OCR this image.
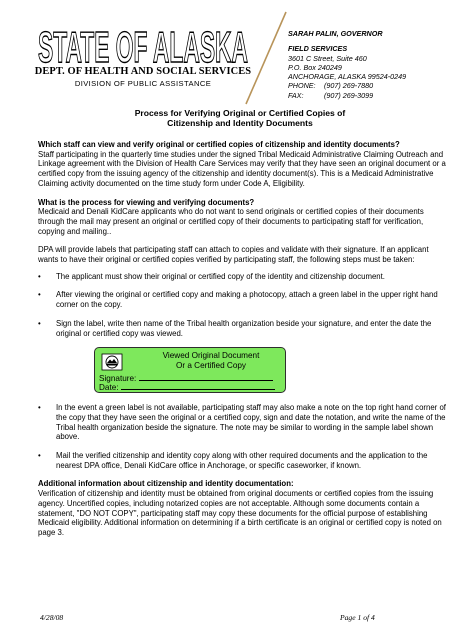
STATE OF ALASKA
DEPT. OF HEALTH AND SOCIAL SERVICES
DIVISION OF PUBLIC ASSISTANCE
SARAH PALIN, GOVERNOR
FIELD SERVICES
3601 C Street, Suite 460
P.O. Box 240249
ANCHORAGE, ALASKA 99524-0249
PHONE: (907) 269-7880
FAX:	(907) 269-3099
Process for Verifying Original or Certified Copies of
Citizenship and Identity Documents

Which staff can view and verify original or certified copies of citizenship and identity documents?

Staff participating in the quarterly time studies under the signed Tribal Medicaid Administrative Claiming Outreach and Linkage agreement with the Division of Health Care Services may verify that they have seen an original document or a certified copy from the issuing agency of the citizenship and identity document(s). This is a Medicaid Administrative Claiming activity documented on the time study form under Code A, Eligibility.

What is the process for viewing and verifying documents?

Medicaid and Denali KidCare applicants who do not want to send originals or certified copies of their documents through the mail may present an original or certified copy of their documents to participating staff for verification, copying and mailing..

DPA will provide labels that participating staff can attach to copies and validate with their signature. If an applicant wants to have their original or certified copies verified by participating staff, the following steps must be taken:

• The applicant must show their original or certified copy of the identity and citizenship document.
• After viewing the original or certified copy and making a photocopy, attach a green label in the upper right hand corner on the copy.
• Sign the label, write then name of the Tribal health organization beside your signature, and enter the date the original or certified copy was viewed.
Viewed Original Document
Or a Certified Copy
Signature:
Date:
• In the event a green label is not available, participating staff may also make a note on the top right hand corner of the copy that they have seen the original or a certified copy, sign and date the notation, and write the name of the Tribal health organization beside the signature. The note may be similar to wording in the sample label shown above.
• Mail the verified citizenship and identity copy along with other required documents and the application to the nearest DPA office, Denali KidCare office in Anchorage, or specific caseworker, if known.

Additional information about citizenship and identity documentation:

Verification of citizenship and identity must be obtained from original documents or certified copies from the issuing agency. Uncertified copies, including notarized copies are not acceptable. Although some documents contain a statement, "DO NOT COPY", participating staff may copy these documents for the official purpose of establishing Medicaid eligibility. Additional information on determining if a birth certificate is an original or certified copy is noted on page 3.

4/28/08	Page 1 of 4
